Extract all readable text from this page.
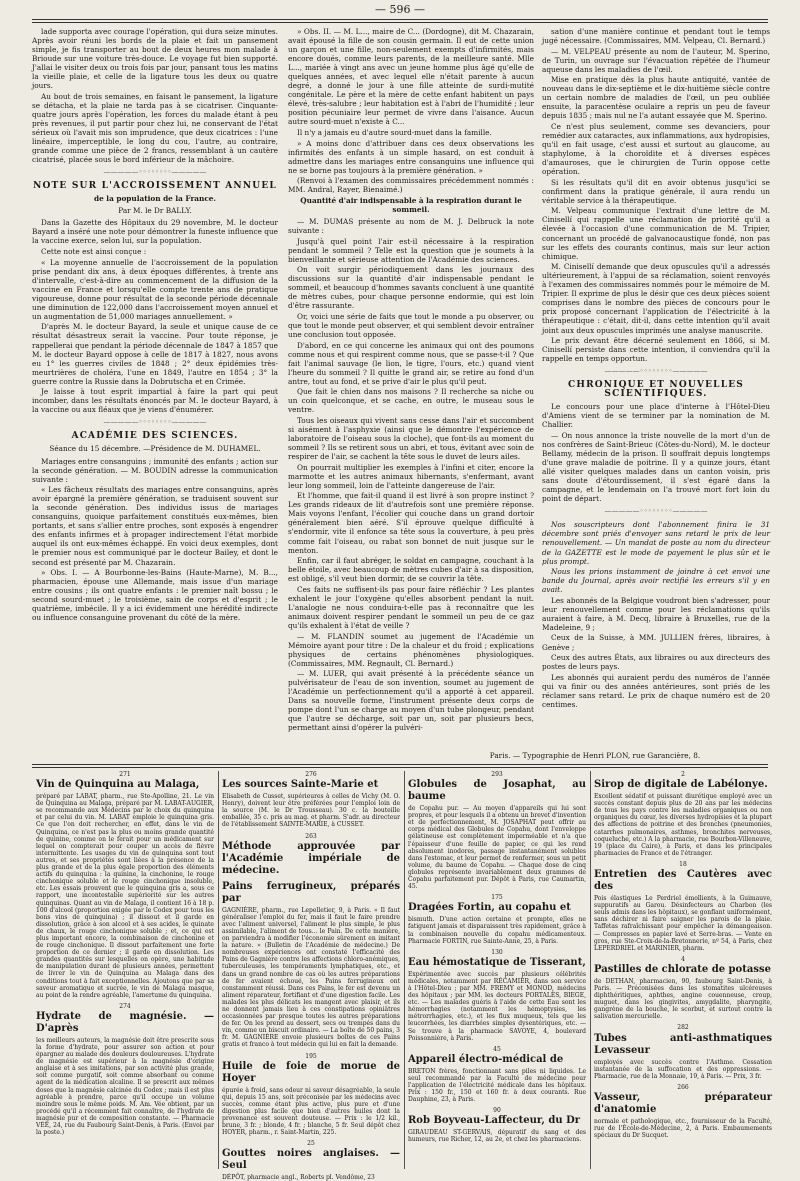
— 596 —

lade supporta avec courage l'opération, qui dura seize minutes. Après avoir réuni les bords de la plaie et fait un pansement simple, je fis transporter au bout de deux heures mon malade à Brioude sur une voiture très-douce. Le voyage fut bien supporté. J'allai le visiter deux ou trois fois par jour, pansant tous les matins la vieille plaie, et celle de la ligature tous les deux ou quatre jours.

Au bout de trois semaines, en faisant le pansement, la ligature se détacha, et la plaie ne tarda pas à se cicatriser. Cinquante-quatre jours après l'opération, les forces du malade étant à peu près revenues, il put partir pour chez lui, ne conservant de l'état sérieux où l'avait mis son imprudence, que deux cicatrices : l'une linéaire, imperceptible, le long du cou, l'autre, au contraire, grande comme une pièce de 2 francs, ressemblant à un cautère cicatrisé, placée sous le bord inférieur de la mâchoire.

—————◦◦◦◦◦◦◦◦—————
NOTE SUR L'ACCROISSEMENT ANNUEL
de la population de la France.
Par M. le Dr BALLY.

Dans la Gazette des Hôpitaux du 29 novembre, M. le docteur Bayard a inséré une note pour démontrer la funeste influence que la vaccine exerce, selon lui, sur la population.

Cette note est ainsi conçue :

« La moyenne annuelle de l'accroissement de la population prise pendant dix ans, à deux époques différentes, à trente ans d'intervalle, c'est-à-dire au commencement de la diffusion de la vaccine en France et lorsqu'elle compte trente ans de pratique vigoureuse, donne pour résultat de la seconde période décennale une diminution de 122,000 dans l'accroissement moyen annuel et un augmentation de 51,000 mariages annuellement. »

D'après M. le docteur Bayard, la seule et unique cause de ce résultat désastreux serait la vaccine. Pour toute réponse, je rappellerai que pendant la période décennale de 1847 à 1857 que M. le docteur Bayard oppose à celle de 1817 à 1827, nous avons eu 1° les guerres civiles de 1848 ; 2° deux épidémies très-meurtrières de choléra, l'une en 1849, l'autre en 1854 ; 3° la guerre contre la Russie dans la Dobrutscha et en Crimée.

Je laisse à tout esprit impartial à faire la part qui peut incomber, dans les résultats énoncés par M. le docteur Bayard, à la vaccine ou aux fléaux que je viens d'énumérer.

—————◦◦◦◦◦◦◦◦—————
ACADÉMIE DES SCIENCES.
Séance du 15 décembre. —Présidence de M. DUHAMEL.

Mariages entre consanguins ; immunité des enfants ; action sur la seconde génération. — M. BOUDIN adresse la communication suivante :

« Les fâcheux résultats des mariages entre consanguins, après avoir épargné la première génération, se traduisent souvent sur la seconde génération. Des individus issus de mariages consanguins, quoique parfaitement constitués eux-mêmes, bien portants, et sans s'allier entre proches, sont exposés à engendrer des enfants infirmes et à propager indirectement l'état morbide auquel ils ont eux-mêmes échappé. En voici deux exemples, dont le premier nous est communiqué par le docteur Bailey, et dont le second est présenté par M. Chazarain.

» Obs. I. — A Bourbonne-les-Bains (Haute-Marne), M. B..., pharmacien, épouse une Allemande, mais issue d'un mariage entre cousins ; ils ont quatre enfants : le premier naît bossu ; le second sourd-muet ; le troisième, sain de corps et d'esprit ; le quatrième, imbécile. Il y a ici évidemment une hérédité indirecte ou influence consanguine provenant du côté de la mère.

» Obs. II. — M. L..., maire de C... (Dordogne), dit M. Chazarain, avait épousé la fille de son cousin germain. Il eut de cette union un garçon et une fille, non-seulement exempts d'infirmités, mais encore doués, comme leurs parents, de la meilleure santé. Mlle L..., mariée à vingt ans avec un jeune homme plus âgé qu'elle de quelques années, et avec lequel elle n'était parente à aucun degré, a donné le jour à une fille atteinte de surdi-mutité congénitale. Le père et la mère de cette enfant habitent un pays élevé, très-salubre ; leur habitation est à l'abri de l'humidité ; leur position pécuniaire leur permet de vivre dans l'aisance. Aucun autre sourd-muet n'existe à C...

Il n'y a jamais eu d'autre sourd-muet dans la famille.

» A moins donc d'attribuer dans ces deux observations les infirmités des enfants à un simple hasard, on est conduit à admettre dans les mariages entre consanguins une influence qui ne se borne pas toujours à la première génération. »

(Renvoi à l'examen des commissaires précédemment nommés : MM. Andral, Rayer, Bienaimé.)

Quantité d'air indispensable à la respiration durant le sommeil.

— M. DUMAS présente au nom de M. J. Delbruck la note suivante :

Jusqu'à quel point l'air est-il nécessaire à la respiration pendant le sommeil ? Telle est la question que je soumets à la bienveillante et sérieuse attention de l'Académie des sciences.

On voit surgir périodiquement dans les journaux des discussions sur la quantité d'air indispensable pendant le sommeil, et beaucoup d'hommes savants concluent à une quantité de mètres cubes, pour chaque personne endormie, qui est loin d'être rassurante.

Or, voici une série de faits que tout le monde a pu observer, ou que tout le monde peut observer, et qui semblent devoir entraîner une conclusion tout opposée.

D'abord, en ce qui concerne les animaux qui ont des poumons comme nous et qui respirent comme nous, que se passe-t-il ? Que fait l'animal sauvage (le lion, le tigre, l'ours, etc.) quand vient l'heure du sommeil ? Il quitte le grand air, se retire au fond d'un antre, tout au fond, et se prive d'air le plus qu'il peut.

Que fait le chien dans nos maisons ? Il recherche sa niche ou un coin quelconque, et se cache, en outre, le museau sous le ventre.

Tous les oiseaux qui vivent sans cesse dans l'air et succombent si aisément à l'asphyxie (ainsi que le démontre l'expérience de laboratoire de l'oiseau sous la cloche), que font-ils au moment du sommeil ? Ils se retirent sous un abri, et tous, évitant avec soin de respirer de l'air, se cachent la tête sous le duvet de leurs ailes.

On pourrait multiplier les exemples à l'infini et citer, encore la marmotte et les autres animaux hibernants, s'enfermant, avant leur long sommeil, loin de l'atteinte dangereuse de l'air.

Et l'homme, que fait-il quand il est livré à son propre instinct ? Les grands rideaux de lit d'autrefois sont une première réponse. Mais voyons l'enfant, l'écolier qui couche dans un grand dortoir généralement bien aéré. S'il éprouve quelque difficulté à s'endormir, vite il enfonce sa tête sous la couverture, à peu près comme fait l'oiseau, ou rabat son bonnet de nuit jusque sur le menton.

Enfin, car il faut abréger, le soldat en campagne, couchant à la belle étoile, avec beaucoup de mètres cubes d'air à sa disposition, est obligé, s'il veut bien dormir, de se couvrir la tête.

Ces faits ne suffisent-ils pas pour faire réfléchir ? Les plantes exhalent le jour l'oxygène qu'elles absorbent pendant la nuit. L'analogie ne nous conduira-t-elle pas à reconnaître que les animaux doivent respirer pendant le sommeil un peu de ce gaz qu'ils exhalent à l'état de veille ?

— M. FLANDIN soumet au jugement de l'Académie un Mémoire ayant pour titre : De la chaleur et du froid ; explications physiques de certains phénomènes physiologiques. (Commissaires, MM. Regnault, Cl. Bernard.)

— M. LUER, qui avait présenté à la précédente séance un pulvérisateur de l'eau de son invention, soumet au jugement de l'Académie un perfectionnement qu'il a apporté à cet appareil. Dans sa nouvelle forme, l'instrument présente deux corps de pompe dont l'un se charge au moyen d'un tube plongeur, pendant que l'autre se décharge, soit par un, soit par plusieurs becs, permettant ainsi d'opérer la pulvéri-

sation d'une manière continue et pendant tout le temps jugé nécessaire. (Commissaires, MM. Velpeau, Cl. Bernard.)

— M. VELPEAU présente au nom de l'auteur, M. Sperino, de Turin, un ouvrage sur l'évacuation répétée de l'humeur aqueuse dans les maladies de l'œil.

Mise en pratique dès la plus haute antiquité, vantée de nouveau dans le dix-septième et le dix-huitième siècle contre un certain nombre de maladies de l'œil, un peu oubliée ensuite, la paracentèse oculaire a repris un peu de faveur depuis 1835 ; mais nul ne l'a autant essayée que M. Sperino.

Ce n'est plus seulement, comme ses devanciers, pour remédier aux cataractes, aux inflammations, aux hydropisies, qu'il en fait usage, c'est aussi et surtout au glaucome, au staphylome, à la choroïdite et à diverses espèces d'amauroses, que le chirurgien de Turin oppose cette opération.

Si les résultats qu'il dit en avoir obtenus jusqu'ici se confirment dans la pratique générale, il aura rendu un véritable service à la thérapeutique.

M. Velpeau communique l'extrait d'une lettre de M. Cinisellí qui rappelle une réclamation de priorité qu'il a élevée à l'occasion d'une communication de M. Tripier, concernant un procédé de galvanocaustique fondé, non pas sur les effets des courants continus, mais sur leur action chimique.

M. Cinisellí demande que deux opuscules qu'il a adressés ultérieurement, à l'appui de sa réclamation, soient renvoyés à l'examen des commissaires nommés pour le mémoire de M. Tripier. Il exprime de plus le désir que ces deux pièces soient comprises dans le nombre des pièces de concours pour le prix proposé concernant l'application de l'électricité à la thérapeutique : c'était, dit-il, dans cette intention qu'il avait joint aux deux opuscules imprimés une analyse manuscrite.

Le prix devant être décerné seulement en 1866, si M. Cinisellí persiste dans cette intention, il conviendra qu'il la rappelle en temps opportun.

—————◦◦◦◦◦◦◦◦—————
CHRONIQUE ET NOUVELLES SCIENTIFIQUES.

Le concours pour une place d'interne à l'Hôtel-Dieu d'Amiens vient de se terminer par la nomination de M. Challier.

— On nous annonce la triste nouvelle de la mort d'un de nos confrères de Saint-Brieuc (Côtes-du-Nord), M. le docteur Bellamy, médecin de la prison. Il souffrait depuis longtemps d'une grave maladie de poitrine. Il y a quinze jours, étant allé visiter quelques malades dans un canton voisin, pris sans doute d'étourdissement, il s'est égaré dans la campagne, et le lendemain on l'a trouvé mort fort loin du point de départ.

—————◦◦◦◦◦◦◦◦—————

Nos souscripteurs dont l'abonnement finira le 31 décembre sont priés d'envoyer sans retard le prix de leur renouvellement. — Un mandat de poste au nom du directeur de la GAZETTE est le mode de payement le plus sûr et le plus prompt.

Nous les prions instamment de joindre à cet envoi une bande du Journal, après avoir rectifié les erreurs s'il y en avait.

Les abonnés de la Belgique voudront bien s'adresser, pour leur renouvellement comme pour les réclamations qu'ils auraient à faire, à M. Decq, libraire à Bruxelles, rue de la Madeleine, 9 ;

Ceux de la Suisse, à MM. JULLIEN frères, libraires, à Genève ;

Ceux des autres États, aux libraires ou aux directeurs des postes de leurs pays.

Les abonnés qui auraient perdu des numéros de l'année qui va finir ou des années antérieures, sont priés de les réclamer sans retard. Le prix de chaque numéro est de 20 centimes.

Paris. — Typographie de Henri PLON, rue Garancière, 8.
271
Vin de Quinquina au Malaga,
préparé par LABAT, pharm., rue Ste-Apolline, 21. Le vin de Quinquina au Malaga, préparé par M. LABAT-AUGIER, se recommande aux Médecins par le choix du quinquina et par celui du vin. M. LABAT emploie le quinquina gris. Ce que l'on doit rechercher, en effet, dans le vin de Quinquina, ce n'est pas la plus ou moins grande quantité de quinine, comme on le ferait pour un médicament sur lequel on compterait pour couper un accès de fièvre intermittente. Les usages du vin de quinquina sont tout autres, et ses propriétés sont liées à la présence de la plus grande et de la plus égale proportion des éléments actifs du quinquina : la quinine, la cinchonine, le rouge cinchonique soluble et le rouge cinchonique insoluble, etc. Les essais prouvent que le quinquina gris a, sous ce rapport, une incontestable supériorité sur les autres quinquinas. Quant au vin de Malaga, il contient 16 à 18 p. 100 d'alcool (proportion exigée par le Codex pour tous les bons vins de quinquina) ; il dissout et il garde en dissolution, grâce à son alcool et à ses acides, le quinate de chaux, le rouge cinchonique soluble ; et, ce qui est plus important encore, la combinaison de cinchonine et de rouge cinchonique. Il dissout parfaitement une forte proportion de ce dernier ; il garde en dissolution. Les grandes quantités sur lesquelles on opère, une habitude de manipulation durant de plusieurs années, permettent de livrer le vin de Quinquina au Malaga dans des conditions tout à fait exceptionnelles. Ajoutons que par sa saveur aromatique et sucrée, le vin de Malaga masque, au point de la rendre agréable, l'amertume du quinquina.
274
Hydrate de magnésie. — D'après
les meilleurs auteurs, la magnésie doit être prescrite sous la forme d'hydrate, pour assurer son action et pour épargner au malade des douleurs douloureuses. L'hydrate de magnésie est supérieur à la magnésie d'origine anglaise et à ses imitations, par son activité plus grande, soit comme purgatif, soit comme absorbant ou comme agent de la médication alcaline. Il se prescrit aux mêmes doses que la magnésie calcinée du Codex ; mais il est plus agréable à prendre, parce qu'il occupe un volume moindre sous le même poids. M. Am. Vée obtient, par un procédé qu'il a récemment fait connaître, de l'hydrate de magnésie pur et de composition constante. — Pharmacie VÉE, 24, rue du Faubourg Saint-Denis, à Paris. (Envoi par la poste.)
276
Les sources Sainte-Marie et
Elisabeth de Cusset, supérieures à celles de Vichy (M. O. Henry), doivent leur être préférées pour l'emploi loin de la source (M. le Dr Trousseau). 30 c. la bouteille emballée, 35 c. pris au mag. et pharm. S'adr. au directeur de l'établissement SAINTE-MARIE, à CUSSET.
263
Méthode approuvée par l'Académie impériale de médecine.
Pains ferrugineux, préparés par
GAGNIÈRE, pharm., rue Lepelletier, 9, à Paris. « Il faut généraliser l'emploi du fer, mais il faut le faire prendre avec l'aliment universel, l'aliment le plus simple, le plus assimilable, l'aliment de tous... le Pain. De cette manière, on parviendra à modifier l'économie sûrement en imitant la nature. » (Bulletin de l'Académie de médecine.) De nombreuses expériences ont constaté l'efficacité des Pains de Gagnière contre les affections chloro-anémiques, tuberculeuses, les tempéraments lymphatiques, etc., et dans un grand nombre de cas où les autres préparations de fer avaient échoué, les Pains ferrugineux ont constamment réussi. Dans ces Pains, le fer est devenu un aliment réparateur, fortifiant et d'une digestion facile. Les malades les plus délicats les mangent avec plaisir, et ils ne donnent jamais lieu à ces constipations opiniâtres occasionnées par presque toutes les autres préparations de fer. On les prend au dessert, secs ou trempés dans du vin, comme un biscuit ordinaire. — La boîte de 50 pains, 3 fr. M. GAGNIÈRE envoie plusieurs boîtes de ces Pains gratis et franco à tout médecin qui lui en fait la demande.
195
Huile de foie de morue de Hoyer
épurée à froid, sans odeur ni saveur désagréable, la seule qui, depuis 15 ans, soit préconisée par les médecins avec succès, comme étant plus active, plus pure et d'une digestion plus facile que bien d'autres huiles dont la provenance est souvent douteuse. — Prix : le 1/2 kil., brune, 3 fr. ; blonde, 4 fr. ; blanche, 5 fr. Seul dépôt chez HOYER, pharm., r. Saint-Martin, 225.
25
Gouttes noires anglaises. — Seul
DÉPÔT, pharmacie angl., Roberts pl. Vendôme, 23
293
Globules de Josaphat, au baume
de Copahu pur. — Au moyen d'appareils qui lui sont propres, et pour lesquels il a obtenu un brevet d'invention et de perfectionnement, M. JOSAPHAT peut offrir au corps médical des Globules de Copahu, dont l'enveloppe gélatineuse est complètement imperméable et n'a que l'épaisseur d'une feuille de papier, ce qui les rend absolument inodores, passage instantanément solubles dans l'estomac, et leur permet de renfermer, sous un petit volume, du baume de Copahu. — Chaque dose de cinq globules représente invariablement deux grammes de Copahu parfaitement pur. Dépôt à Paris, rue Caumartin, 45.
175
Dragées Fortin, au copahu et
bismuth. D'une action certaine et prompte, elles ne fatiguent jamais et disparaissent très rapidement, grâce à la combinaison nouvelle du copahu médicamenteux. Pharmacie FORTIN, rue Sainte-Anne, 25, à Paris.
130
Eau hémostatique de Tisserant,
Expérimentée avec succès par plusieurs célébrités médicales, notamment par RÉCAMIER, dans son service à l'Hôtel-Dieu ; par MM. FREMY et MONOD, médecins des hôpitaux ; par MM. les docteurs PORTALÈS, BIEGE, etc. — Les malades guéris à l'aide de cette Eau sont les hémorrhagies (notamment les hémoptysies, les métrorrhagies, etc.), et les flux muqueux, tels que les leucorrhées, les diarrhées simples dysentériques, etc. — Se trouve à la pharmacie SAVOYE, 4, boulevard Poissonnière, à Paris.
45
Appareil électro-médical de
BRETON frères, fonctionnant sans piles ni liquides. Le seul recommandé par la Faculté de médecine pour l'application de l'électricité médicale dans les hôpitaux. Prix : 150 fr., 150 et 160 fr. à deux courants. Rue Dauphine, 23, à Paris.
90
Rob Boyveau-Laffecteur, du Dr
GIRAUDEAU ST-GERVAIS, dépuratif du sang et des humeurs, rue Richer, 12, au 2e, et chez les pharmaciens.
2
Sirop de digitale de Labélonye.
Excellent sédatif et puissant diurétique employé avec un succès constant depuis plus de 20 ans par les médecins de tous les pays contre les maladies organiques ou non organiques du cœur, les diverses hydropisies et la plupart des affections de poitrine et des bronches (pneumonies, catarrhes pulmonaires, asthmes, bronchites nerveuses, coqueluche, etc.) A la pharmacie, rue Bourbon-Villeneuve, 19 (place du Caire), à Paris, et dans les principales pharmacies de France et de l'étranger.
18
Entretien des Cautères avec des
Pois élastiques Le Perdriel émollients, à la Guimauve, suppuratifs au Garou. Désinfecteurs au Charbon (les seuls admis dans les hôpitaux), se gonflant uniformément, sans déchirer ni faire saigner les parois de la plaie. Taffetas rafraîchissant pour empêcher la démangeaison. — Compresses en papier lavé et Serre-bras. — Vente en gros, rue Ste-Croix-de-la-Bretonnerie, nº 54, à Paris, chez LEPERDRIEL et MARINIER, pharm.
4
Pastilles de chlorate de potasse
de DETHAN, pharmacien, 90, faubourg Saint-Denis, à Paris. — Préconisées dans les stomatites ulcéreuses diphthéritiques, aphthes, angine couenneuse, croup, muguet, dans les gingivites, amygdalite, pharyngite, gangrène de la bouche, le scorbut, et surtout contre la salivation mercurielle.
282
Tubes anti-asthmatiques Levasseur
employés avec succès contre l'Asthme. Cessation instantanée de la suffocation et des oppressions. — Pharmacie, rue de la Monnaie, 19, à Paris. — Prix, 3 fr.
266
Vasseur, préparateur d'anatomie
normale et pathologique, etc., fournisseur de la Faculté, rue de l'École-de-Médecine, 2, à Paris. Embaumements spéciaux du Dr Sucquet.
